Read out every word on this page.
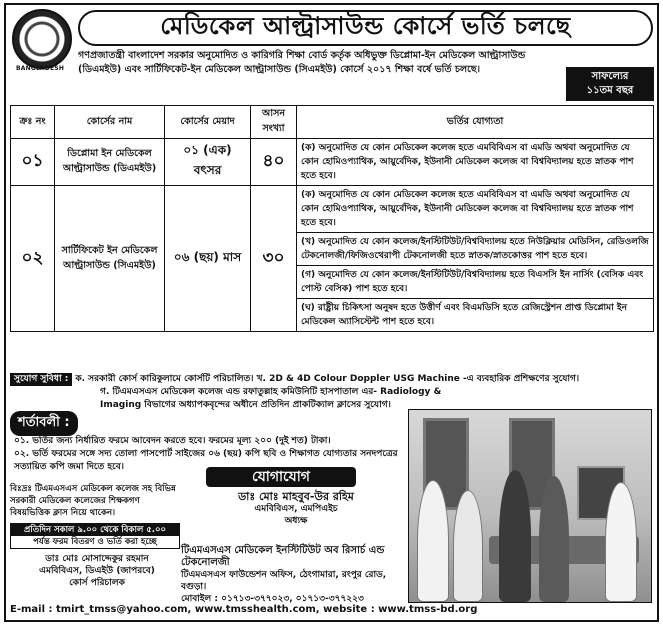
BANGLADESH
মেডিকেল আল্ট্রাসাউন্ড কোর্সে ভর্তি চলছে
গণপ্রজাতন্ত্রী বাংলাদেশ সরকার অনুমোদিত ও কারিগরি শিক্ষা বোর্ড কর্তৃক অধিভুক্ত ডিপ্লোমা-ইন মেডিকেল আল্ট্রাসাউন্ড
(ডিএমইউ) এবং সার্টিফিকেট-ইন মেডিকেল আল্ট্রাসাউন্ড (সিএমইউ) কোর্সে ২০১৭ শিক্ষা বর্ষে ভর্তি চলছে।
সাফল্যের
১১তম বছর
ক্রঃ নং	কোর্সের নাম	কোর্সের মেয়াদ	আসন সংখ্যা	ভর্তির যোগ্যতা
০১	ডিপ্লোমা ইন মেডিকেল আল্ট্রাসাউন্ড (ডিএমইউ)	০১ (এক) বৎসর	৪০	(ক) অনুমোদিত যে কোন মেডিকেল কলেজ হতে এমবিবিএস বা এমডি অথবা অনুমোদিত যে কোন হোমিওপ্যাথিক, আয়ুর্বেদিক, ইউনানী মেডিকেল কলেজ বা বিশ্ববিদ্যালয় হতে স্নাতক পাশ হতে হবে।

০২	সার্টিফিকেট ইন মেডিকেল আল্ট্রাসাউন্ড (সিএমইউ)	০৬ (ছয়) মাস	৩০	(ক) অনুমোদিত যে কোন মেডিকেল কলেজ হতে এমবিবিএস বা এমডি অথবা অনুমোদিত যে কোন হোমিওপ্যাথিক, আয়ুর্বেদিক, ইউনানী মেডিকেল কলেজ বা বিশ্ববিদ্যালয় হতে স্নাতক পাশ হতে হবে।
(খ) অনুমোদিত যে কোন কলেজ/ইনস্টিটিউট/বিশ্ববিদ্যালয় হতে নিউক্লিয়ার মেডিসিন, রেডিওলজি টেকনোলজী/ফিজিওথেরাপী টেকনোলজী হতে স্নাতক/স্নাতকোত্তর পাশ হতে হবে।
(গ) অনুমোদিত যে কোন কলেজ/ইনস্টিটিউট/বিশ্ববিদ্যালয় হতে বিএসসি ইন নার্সিং (বেসিক এবং পোস্ট বেসিক) পাশ হতে হবে।
(ঘ) রাষ্ট্রীয় চিকিৎসা অনুষদ হতে উত্তীর্ণ এবং বিএমডিসি হতে রেজিস্ট্রেশন প্রাপ্ত ডিপ্লোমা ইন মেডিকেল অ্যাসিস্টেন্ট পাশ হতে হবে।
সুযোগ সুবিধা : ক. সরকারী কোর্স কারিকুলামে কোর্সটি পরিচালিত। খ. 2D & 4D Colour Doppler USG Machine -এ ব্যবহারিক প্রশিক্ষণের সুযোগ।
গ. টিএমএসএস মেডিকেল কলেজ এন্ড রফাতুল্লাহ কমিউনিটি হাসপাতাল এর- Radiology &
Imaging বিভাগের অধ্যাপকবৃন্দের অধীনে প্রতিদিন প্রাকটিক্যাল ক্লাসের সুযোগ।
শর্তাবলী :
০১. ভর্তির জন্য নির্ধারিত ফরমে আবেদন করতে হবে। ফরমের মূল্য ২০০ (দুই শত) টাকা।
০২. ভর্তি ফরমের সঙ্গে সদ্য তোলা পাসপোর্ট সাইজের ০৬ (ছয়) কপি ছবি ও শিক্ষাগত যোগ্যতার সনদপত্রের সত্যায়িত কপি জমা দিতে হবে।
বিঃদ্রঃ টিএমএসএস মেডিকেল কলেজ সহ বিভিন্ন সরকারী মেডিকেল কলেজের শিক্ষকগণ বিষয়ভিত্তিক ক্লাস নিয়ে থাকেন।
প্রতিদিন সকাল ৯.০০ থেকে বিকাল ৫.০০
পর্যন্ত ফরম বিতরণ ও ভর্তি করা হচ্ছে
ডাঃ মোঃ মোসাদ্দেকুর রহমান
এমবিবিএস, ডিএইউ (জাপরবে)
কোর্স পরিচালক
যোগাযোগ
ডাঃ মোঃ মাহবুব-উর রহিম
এমবিবিএস, এমপিএইচ
অধ্যক্ষ
টিএমএসএস মেডিকেল ইনস্টিটিউট অব রিসার্চ এন্ড টেকনোলজী
টিএমএসএস ফাউন্ডেশন অফিস, ঠেংগামারা, রংপুর রোড, বগুড়া।
মোবাইল : ০১৭১৩-৩৭৭০২৩, ০১৭১৩-৩৭৭২২৩
E-mail : tmirt_tmss@yahoo.com, www.tmsshealth.com, website : www.tmss-bd.org
